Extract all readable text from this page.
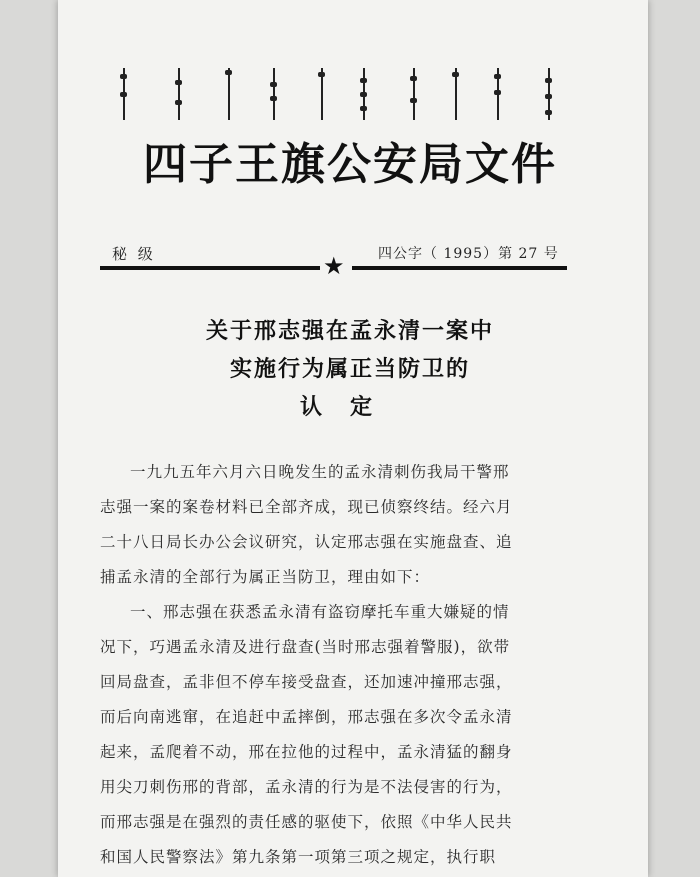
四子王旗公安局文件
秘 级	四公字（ 1995）第 27 号
★
关于邢志强在孟永清一案中
实施行为属正当防卫的
认定
一九九五年六月六日晚发生的孟永清刺伤我局干警邢
志强一案的案卷材料已全部齐成，现已侦察终结。经六月
二十八日局长办公会议研究，认定邢志强在实施盘查、追
捕孟永清的全部行为属正当防卫，理由如下：
一、邢志强在获悉孟永清有盗窃摩托车重大嫌疑的情
况下，巧遇孟永清及进行盘查(当时邢志强着警服)，欲带
回局盘查，孟非但不停车接受盘查，还加速冲撞邢志强，
而后向南逃窜，在追赶中孟摔倒，邢志强在多次令孟永清
起来，孟爬着不动，邢在拉他的过程中，孟永清猛的翻身
用尖刀刺伤邢的背部，孟永清的行为是不法侵害的行为，
而邢志强是在强烈的责任感的驱使下，依照《中华人民共
和国人民警察法》第九条第一项第三项之规定，执行职
